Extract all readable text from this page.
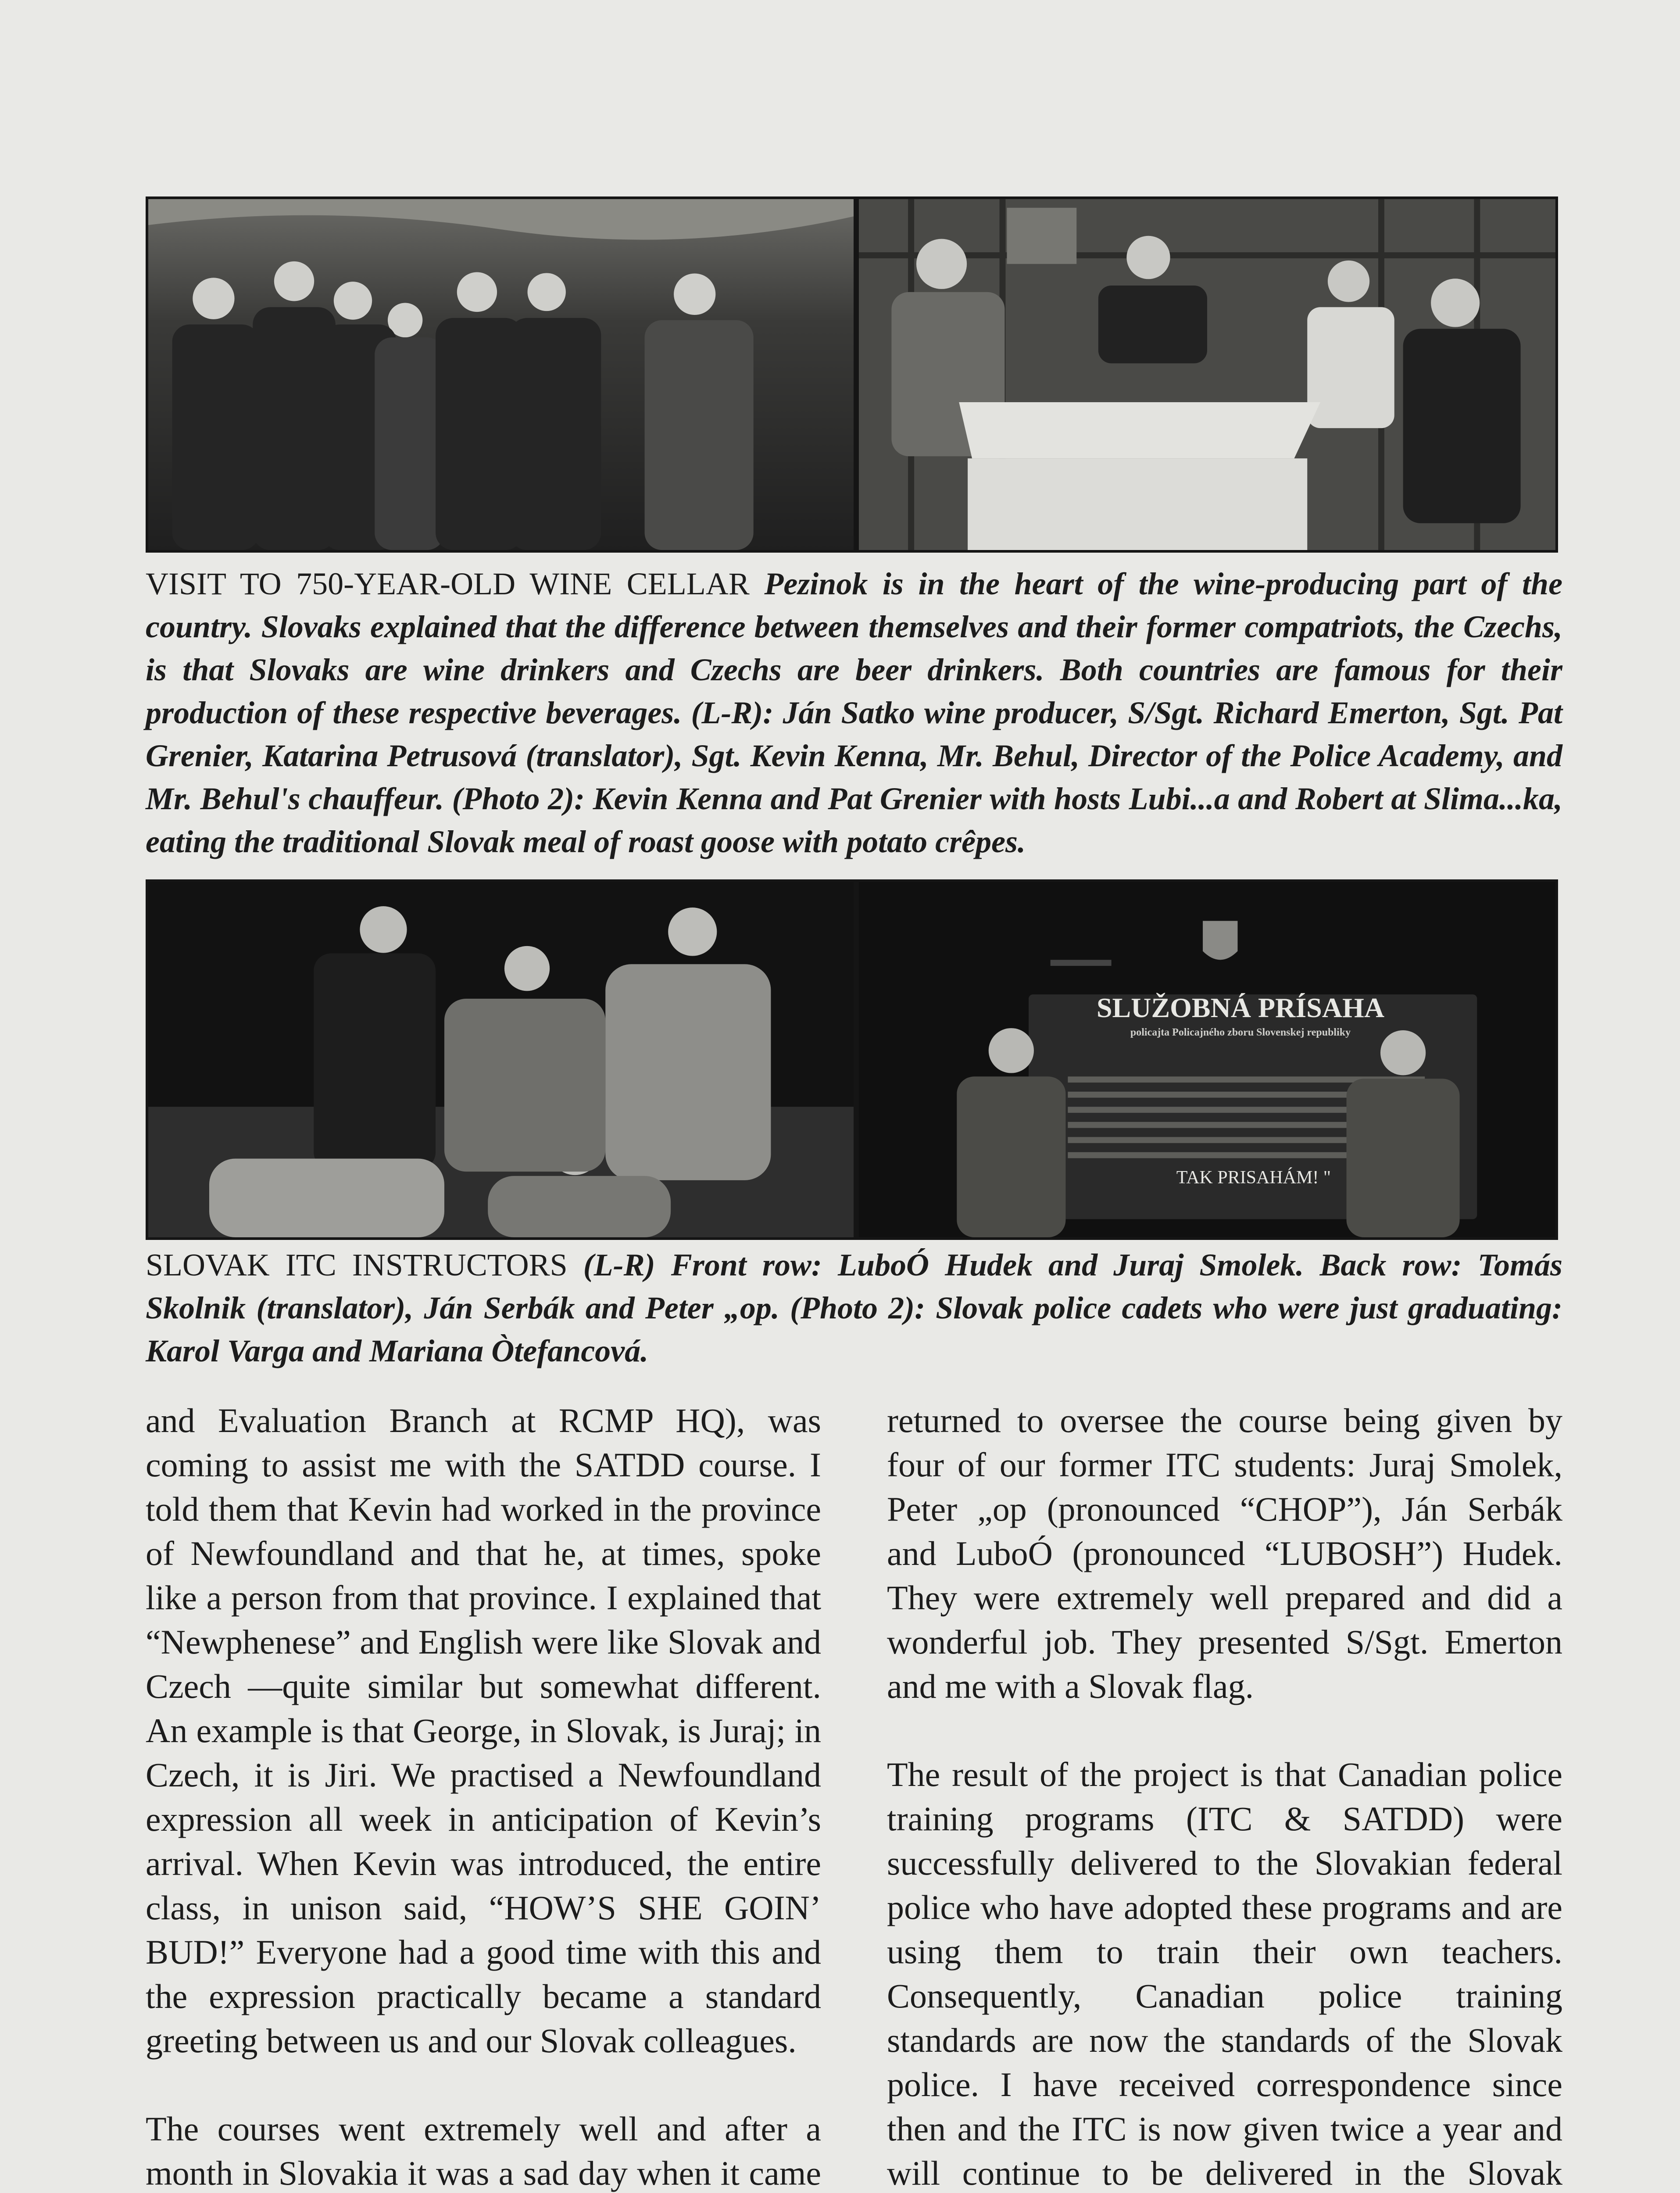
VISIT TO 750-YEAR-OLD WINE CELLAR Pezinok is in the heart of the wine-producing part of the country. Slovaks explained that the difference between themselves and their former compatriots, the Czechs, is that Slovaks are wine drinkers and Czechs are beer drinkers. Both countries are famous for their production of these respective beverages. (L-R): Ján Satko wine producer, S/Sgt. Richard Emerton, Sgt. Pat Grenier, Katarina Petrusová (translator), Sgt. Kevin Kenna, Mr. Behul, Director of the Police Academy, and Mr. Behul's chauffeur. (Photo 2): Kevin Kenna and Pat Grenier with hosts Lubi...a and Robert at Slima...ka, eating the traditional Slovak meal of roast goose with potato crêpes.

SLUŽOBNÁ PRÍSAHA
policajta Policajného zboru Slovenskej republiky
TAK PRISAHÁM! "

SLOVAK ITC INSTRUCTORS (L-R) Front row: LuboÓ Hudek and Juraj Smolek. Back row: Tomás Skolnik (translator), Ján Serbák and Peter „op. (Photo 2): Slovak police cadets who were just graduating: Karol Varga and Mariana Òtefancová.

and Evaluation Branch at RCMP HQ), was coming to assist me with the SATDD course. I told them that Kevin had worked in the province of Newfoundland and that he, at times, spoke like a person from that province. I explained that “Newphenese” and English were like Slovak and Czech —quite similar but somewhat different. An example is that George, in Slovak, is Juraj; in Czech, it is Jiri. We practised a Newfoundland expression all week in anticipation of Kevin’s arrival. When Kevin was introduced, the entire class, in unison said, “HOW’S SHE GOIN’ BUD!” Everyone had a good time with this and the expression practically became a standard greeting between us and our Slovak colleagues.

The courses went extremely well and after a month in Slovakia it was a sad day when it came

returned to oversee the course being given by four of our former ITC students: Juraj Smolek, Peter „op (pronounced “CHOP”), Ján Serbák and LuboÓ (pronounced “LUBOSH”) Hudek. They were extremely well prepared and did a wonderful job. They presented S/Sgt. Emerton and me with a Slovak flag.

The result of the project is that Canadian police training programs (ITC & SATDD) were successfully delivered to the Slovakian federal police who have adopted these programs and are using them to train their own teachers. Consequently, Canadian police training standards are now the standards of the Slovak police. I have received correspondence since then and the ITC is now given twice a year and will continue to be delivered in the Slovak
